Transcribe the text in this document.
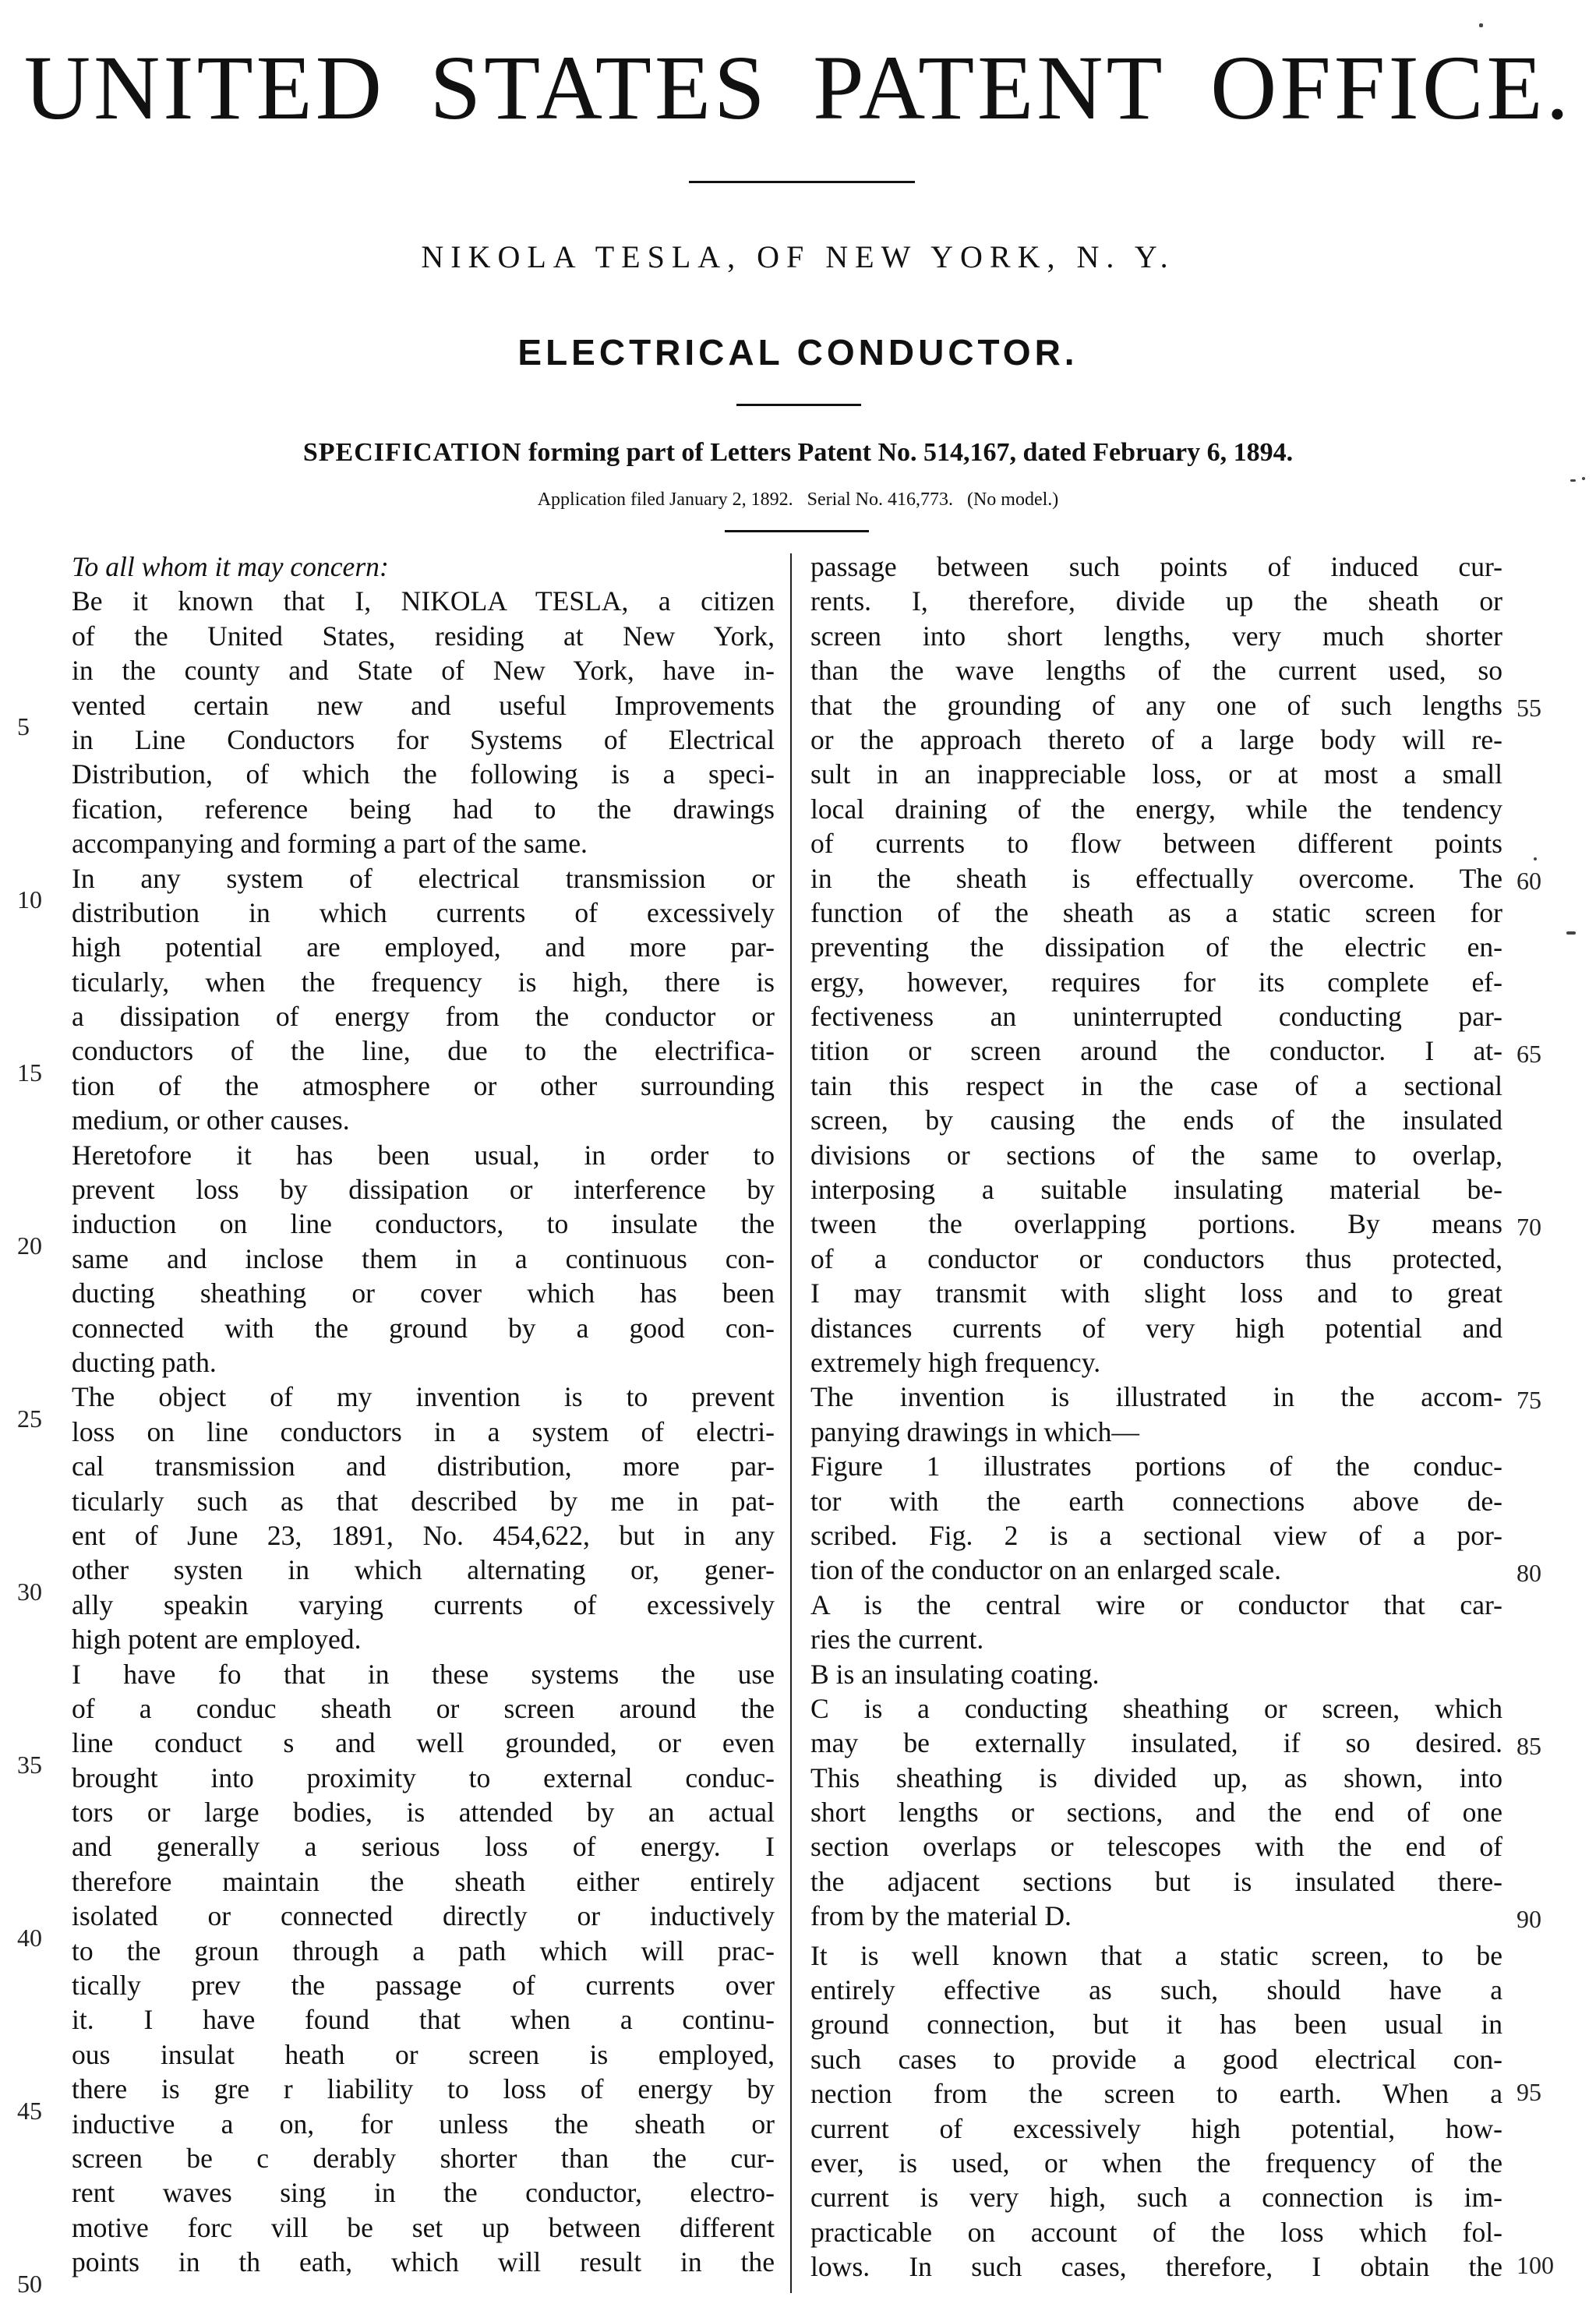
UNITED STATES PATENT OFFICE.
NIKOLA TESLA, OF NEW YORK, N. Y.
ELECTRICAL CONDUCTOR.
SPECIFICATION forming part of Letters Patent No. 514,167, dated February 6, 1894.
Application filed January 2, 1892. Serial No. 416,773. (No model.)
To all whom it may concern:
Be it known that I, NIKOLA TESLA, a citizen
of the United States, residing at New York,
in the county and State of New York, have in-
vented certain new and useful Improvements
in Line Conductors for Systems of Electrical
Distribution, of which the following is a speci-
fication, reference being had to the drawings
accompanying and forming a part of the same.
In any system of electrical transmission or
distribution in which currents of excessively
high potential are employed, and more par-
ticularly, when the frequency is high, there is
a dissipation of energy from the conductor or
conductors of the line, due to the electrifica-
tion of the atmosphere or other surrounding
medium, or other causes.
Heretofore it has been usual, in order to
prevent loss by dissipation or interference by
induction on line conductors, to insulate the
same and inclose them in a continuous con-
ducting sheathing or cover which has been
connected with the ground by a good con-
ducting path.
The object of my invention is to prevent
loss on line conductors in a system of electri-
cal transmission and distribution, more par-
ticularly such as that described by me in pat-
ent of June 23, 1891, No. 454,622, but in any
other systen in which alternating or, gener-
ally speakin varying currents of excessively
high potent are employed.
I have fo that in these systems the use
of a conduc sheath or screen around the
line conduct s and well grounded, or even
brought into proximity to external conduc-
tors or large bodies, is attended by an actual
and generally a serious loss of energy. I
therefore maintain the sheath either entirely
isolated or connected directly or inductively
to the groun through a path which will prac-
tically prev the passage of currents over
it. I have found that when a continu-
ous insulat heath or screen is employed,
there is gre r liability to loss of energy by
inductive a on, for unless the sheath or
screen be c derably shorter than the cur-
rent waves sing in the conductor, electro-
motive forc vill be set up between different
points in th eath, which will result in the
passage between such points of induced cur-
rents. I, therefore, divide up the sheath or
screen into short lengths, very much shorter
than the wave lengths of the current used, so
that the grounding of any one of such lengths
or the approach thereto of a large body will re-
sult in an inappreciable loss, or at most a small
local draining of the energy, while the tendency
of currents to flow between different points
in the sheath is effectually overcome. The
function of the sheath as a static screen for
preventing the dissipation of the electric en-
ergy, however, requires for its complete ef-
fectiveness an uninterrupted conducting par-
tition or screen around the conductor. I at-
tain this respect in the case of a sectional
screen, by causing the ends of the insulated
divisions or sections of the same to overlap,
interposing a suitable insulating material be-
tween the overlapping portions. By means
of a conductor or conductors thus protected,
I may transmit with slight loss and to great
distances currents of very high potential and
extremely high frequency.
The invention is illustrated in the accom-
panying drawings in which—
Figure 1 illustrates portions of the conduc-
tor with the earth connections above de-
scribed. Fig. 2 is a sectional view of a por-
tion of the conductor on an enlarged scale.
A is the central wire or conductor that car-
ries the current.
B is an insulating coating.
C is a conducting sheathing or screen, which
may be externally insulated, if so desired.
This sheathing is divided up, as shown, into
short lengths or sections, and the end of one
section overlaps or telescopes with the end of
the adjacent sections but is insulated there-
from by the material D.
It is well known that a static screen, to be
entirely effective as such, should have a
ground connection, but it has been usual in
such cases to provide a good electrical con-
nection from the screen to earth. When a
current of excessively high potential, how-
ever, is used, or when the frequency of the
current is very high, such a connection is im-
practicable on account of the loss which fol-
lows. In such cases, therefore, I obtain the
5
10
15
20
25
30
35
40
45
50
55
60
65
70
75
80
85
90
95
100
